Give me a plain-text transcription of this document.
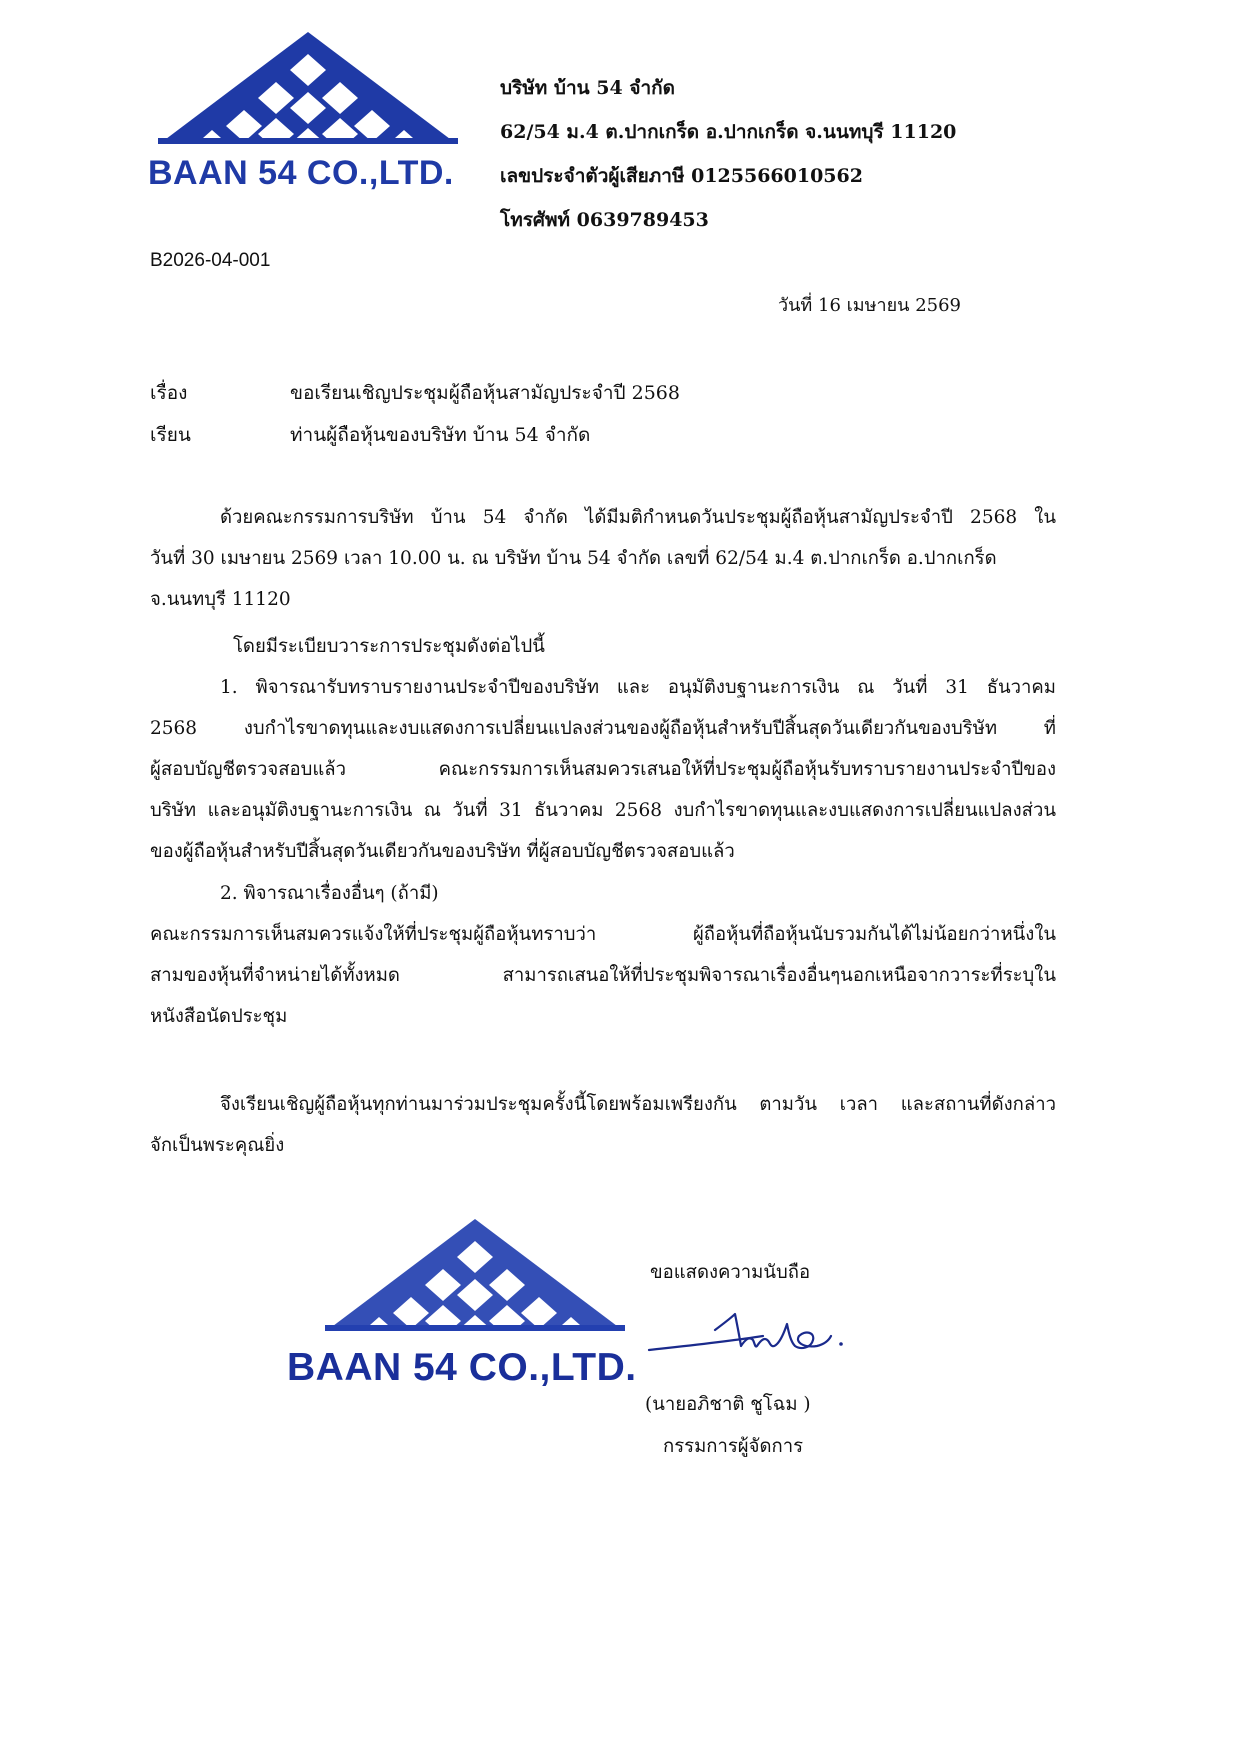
BAAN 54 CO.,LTD.
บริษัท บ้าน 54 จำกัด
62/54 ม.4 ต.ปากเกร็ด อ.ปากเกร็ด จ.นนทบุรี 11120
เลขประจำตัวผู้เสียภาษี 0125566010562
โทรศัพท์ 0639789453
B2026-04-001
วันที่ 16 เมษายน 2569
เรื่อง	ขอเรียนเชิญประชุมผู้ถือหุ้นสามัญประจำปี 2568
เรียน	ท่านผู้ถือหุ้นของบริษัท บ้าน 54 จำกัด
ด้วยคณะกรรมการบริษัท บ้าน 54 จำกัด ได้มีมติกำหนดวันประชุมผู้ถือหุ้นสามัญประจำปี 2568 ใน
วันที่ 30 เมษายน 2569 เวลา 10.00 น. ณ บริษัท บ้าน 54 จำกัด เลขที่ 62/54 ม.4 ต.ปากเกร็ด อ.ปากเกร็ด
จ.นนทบุรี 11120
โดยมีระเบียบวาระการประชุมดังต่อไปนี้
1. พิจารณารับทราบรายงานประจำปีของบริษัท และ อนุมัติงบฐานะการเงิน ณ วันที่ 31 ธันวาคม
2568 งบกำไรขาดทุนและงบแสดงการเปลี่ยนแปลงส่วนของผู้ถือหุ้นสำหรับปีสิ้นสุดวันเดียวกันของบริษัท ที่
ผู้สอบบัญชีตรวจสอบแล้ว คณะกรรมการเห็นสมควรเสนอให้ที่ประชุมผู้ถือหุ้นรับทราบรายงานประจำปีของ
บริษัท และอนุมัติงบฐานะการเงิน ณ วันที่ 31 ธันวาคม 2568 งบกำไรขาดทุนและงบแสดงการเปลี่ยนแปลงส่วน
ของผู้ถือหุ้นสำหรับปีสิ้นสุดวันเดียวกันของบริษัท ที่ผู้สอบบัญชีตรวจสอบแล้ว
2. พิจารณาเรื่องอื่นๆ (ถ้ามี)
คณะกรรมการเห็นสมควรแจ้งให้ที่ประชุมผู้ถือหุ้นทราบว่า ผู้ถือหุ้นที่ถือหุ้นนับรวมกันได้ไม่น้อยกว่าหนึ่งใน
สามของหุ้นที่จำหน่ายได้ทั้งหมด สามารถเสนอให้ที่ประชุมพิจารณาเรื่องอื่นๆนอกเหนือจากวาระที่ระบุใน
หนังสือนัดประชุม
จึงเรียนเชิญผู้ถือหุ้นทุกท่านมาร่วมประชุมครั้งนี้โดยพร้อมเพรียงกัน ตามวัน เวลา และสถานที่ดังกล่าว
จักเป็นพระคุณยิ่ง
BAAN 54 CO.,LTD.
ขอแสดงความนับถือ
(นายอภิชาติ ชูโฉม )
กรรมการผู้จัดการ
